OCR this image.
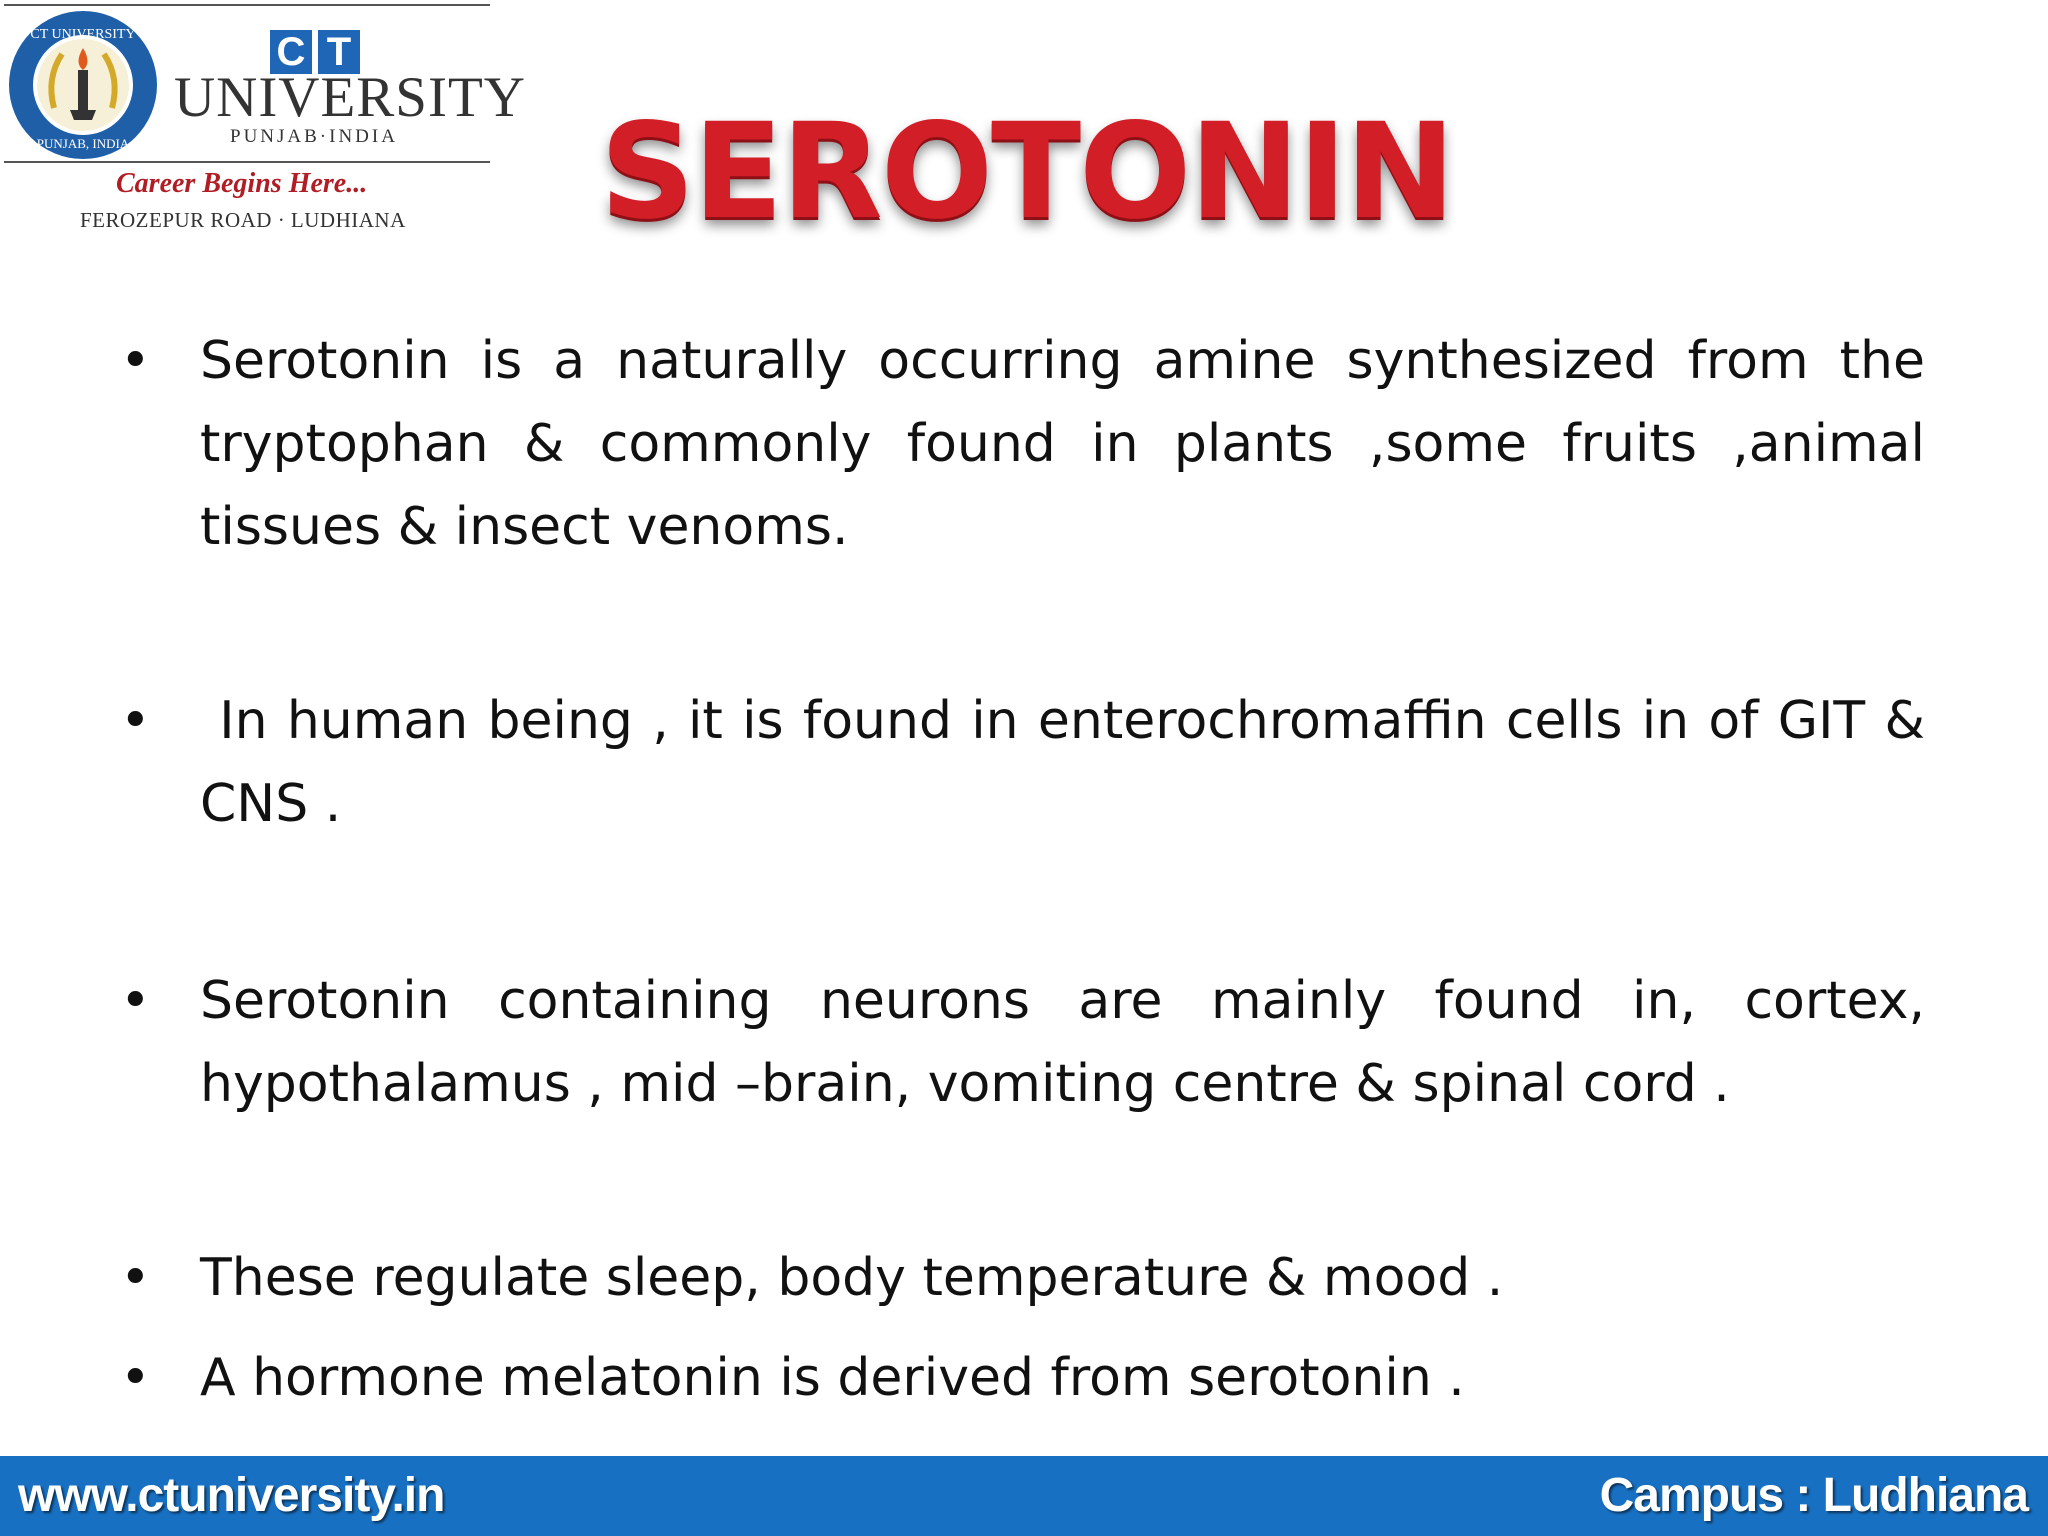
CT UNIVERSITY
PUNJAB, INDIA
C T
UNIVERSITY
PUNJAB·INDIA
Career Begins Here...
FEROZEPUR ROAD · LUDHIANA	SEROTONIN
• Serotonin is a naturally occurring amine synthesized from the tryptophan & commonly found in plants ,some fruits ,animal tissues & insect venoms.
• In human being , it is found in enterochromaffin cells in of GIT & CNS .
• Serotonin containing neurons are mainly found in, cortex, hypothalamus , mid –brain, vomiting centre & spinal cord .
• These regulate sleep, body temperature & mood .
• A hormone melatonin is derived from serotonin .
www.ctuniversity.in	Campus : Ludhiana
